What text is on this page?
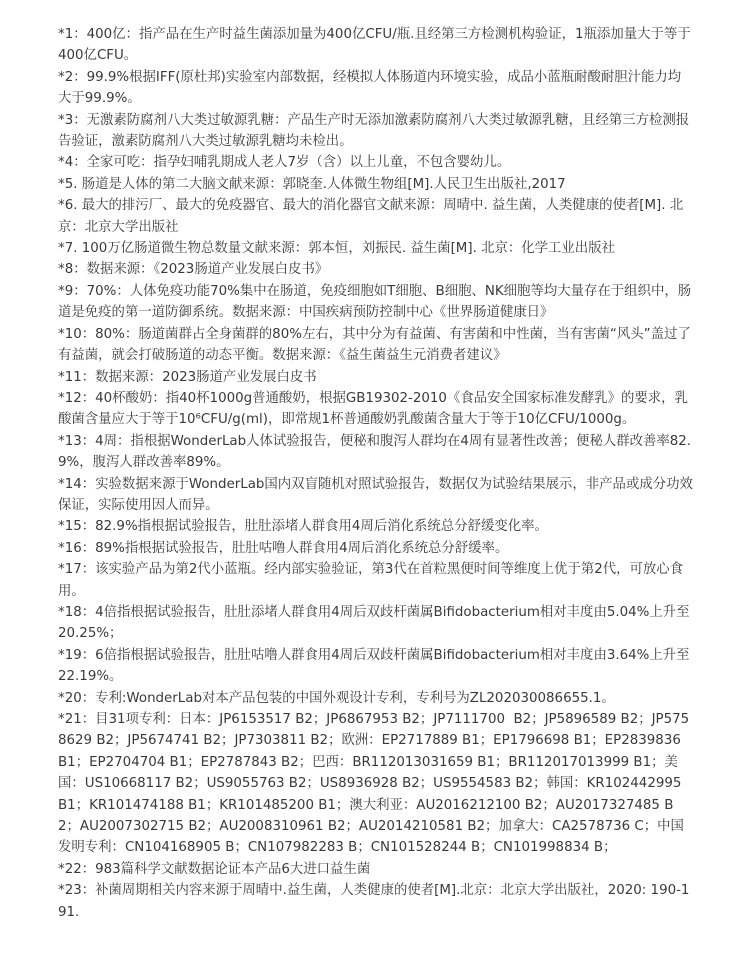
*1：400亿：指产品在生产时益生菌添加量为400亿CFU/瓶.且经第三方检测机构验证，1瓶添加量大于等于400亿CFU。

*2：99.9%根据IFF(原杜邦)实验室内部数据，经模拟人体肠道内环境实验，成品小蓝瓶耐酸耐胆汁能力均大于99.9%。

*3：无激素防腐剂八大类过敏源乳糖：产品生产时无添加激素防腐剂八大类过敏源乳糖，且经第三方检测报告验证，激素防腐剂八大类过敏源乳糖均未检出。

*4：全家可吃：指孕妇哺乳期成人老人7岁（含）以上儿童，不包含婴幼儿。

*5. 肠道是人体的第二大脑文献来源：郭晓奎.人体微生物组[M].人民卫生出版社,2017

*6. 最大的排污厂、最大的免疫器官、最大的消化器官文献来源：周晴中. 益生菌，人类健康的使者[M]. 北京：北京大学出版社

*7. 100万亿肠道微生物总数量文献来源：郭本恒，刘振民. 益生菌[M]. 北京：化学工业出版社

*8：数据来源：《2023肠道产业发展白皮书》

*9：70%：人体免疫功能70%集中在肠道，免疫细胞如T细胞、B细胞、NK细胞等均大量存在于组织中，肠道是免疫的第一道防御系统。数据来源：中国疾病预防控制中心《世界肠道健康日》

*10：80%：肠道菌群占全身菌群的80%左右，其中分为有益菌、有害菌和中性菌，当有害菌“风头”盖过了有益菌，就会打破肠道的动态平衡。数据来源：《益生菌益生元消费者建议》

*11：数据来源：2023肠道产业发展白皮书

*12：40杯酸奶：指40杯1000g普通酸奶，根据GB19302-2010《食品安全国家标准发酵乳》的要求，乳酸菌含量应大于等于10⁶CFU/g(ml)，即常规1杯普通酸奶乳酸菌含量大于等于10亿CFU/1000g。

*13：4周：指根据WonderLab人体试验报告，便秘和腹泻人群均在4周有显著性改善；便秘人群改善率82.9%，腹泻人群改善率89%。

*14：实验数据来源于WonderLab国内双盲随机对照试验报告，数据仅为试验结果展示，非产品或成分功效保证，实际使用因人而异。

*15：82.9%指根据试验报告，肚肚添堵人群食用4周后消化系统总分舒缓变化率。

*16：89%指根据试验报告，肚肚咕噜人群食用4周后消化系统总分舒缓率。

*17：该实验产品为第2代小蓝瓶。经内部实验验证，第3代在首粒黑便时间等维度上优于第2代，可放心食用。

*18：4倍指根据试验报告，肚肚添堵人群食用4周后双歧杆菌属Bifidobacterium相对丰度由5.04%上升至20.25%；

*19：6倍指根据试验报告，肚肚咕噜人群食用4周后双歧杆菌属Bifidobacterium相对丰度由3.64%上升至22.19%。

*20：专利:WonderLab对本产品包装的中国外观设计专利，专利号为ZL202030086655.1。

*21：目31项专利：日本：JP6153517 B2；JP6867953 B2；JP7111700  B2；JP5896589 B2；JP5758629 B2；JP5674741 B2；JP7303811 B2；欧洲：EP2717889 B1；EP1796698 B1；EP2839836 B1；EP2704704 B1；EP2787843 B2；巴西：BR112013031659 B1；BR112017013999 B1；美国：US10668117 B2；US9055763 B2；US8936928 B2；US9554583 B2；韩国：KR102442995 B1；KR101474188 B1；KR101485200 B1；澳大利亚：AU2016212100 B2；AU2017327485 B2；AU2007302715 B2；AU2008310961 B2；AU2014210581 B2；加拿大：CA2578736 C；中国发明专利：CN104168905 B；CN107982283 B；CN101528244 B；CN101998834 B；

*22：983篇科学文献数据论证本产品6大进口益生菌

*23：补菌周期相关内容来源于周晴中.益生菌，人类健康的使者[M].北京：北京大学出版社，2020: 190-191.
